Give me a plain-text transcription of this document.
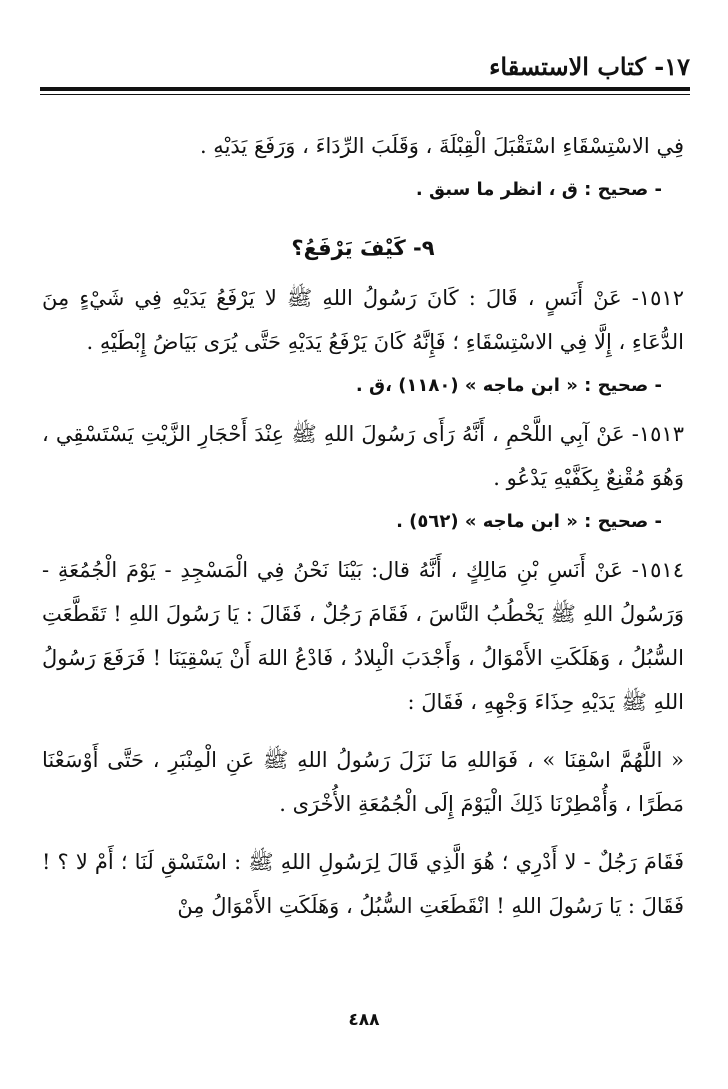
١٧- كتاب الاستسقاء

فِي الاسْتِسْقَاءِ اسْتَقْبَلَ الْقِبْلَةَ ، وَقَلَبَ الرِّدَاءَ ، وَرَفَعَ يَدَيْهِ .

- صحيح : ق ، انظر ما سبق .

٩- كَيْفَ يَرْفَعُ؟

١٥١٢- عَنْ أَنَسٍ ، قَالَ : كَانَ رَسُولُ اللهِ ﷺ لا يَرْفَعُ يَدَيْهِ فِي شَيْءٍ مِنَ الدُّعَاءِ ، إِلَّا فِي الاسْتِسْقَاءِ ؛ فَإِنَّهُ كَانَ يَرْفَعُ يَدَيْهِ حَتَّى يُرَى بَيَاضُ إِبْطَيْهِ .

- صحيح : « ابن ماجه » (١١٨٠) ،ق .

١٥١٣- عَنْ آبِي اللَّحْمِ ، أَنَّهُ رَأَى رَسُولَ اللهِ ﷺ عِنْدَ أَحْجَارِ الزَّيْتِ يَسْتَسْقِي ، وَهُوَ مُقْنِعٌ بِكَفَّيْهِ يَدْعُو .

- صحيح : « ابن ماجه » (٥٦٢) .

١٥١٤- عَنْ أَنَسِ بْنِ مَالِكٍ ، أَنَّهُ قال: بَيْنَا نَحْنُ فِي الْمَسْجِدِ - يَوْمَ الْجُمُعَةِ - وَرَسُولُ اللهِ ﷺ يَخْطُبُ النَّاسَ ، فَقَامَ رَجُلٌ ، فَقَالَ : يَا رَسُولَ اللهِ ! تَقَطَّعَتِ السُّبُلُ ، وَهَلَكَتِ الأَمْوَالُ ، وَأَجْدَبَ الْبِلادُ ، فَادْعُ اللهَ أَنْ يَسْقِيَنَا ! فَرَفَعَ رَسُولُ اللهِ ﷺ يَدَيْهِ حِذَاءَ وَجْهِهِ ، فَقَالَ :

« اللَّهُمَّ اسْقِنَا » ، فَوَاللهِ مَا نَزَلَ رَسُولُ اللهِ ﷺ عَنِ الْمِنْبَرِ ، حَتَّى أَوْسَعْنَا مَطَرًا ، وَأُمْطِرْنَا ذَلِكَ الْيَوْمَ إِلَى الْجُمُعَةِ الأُخْرَى .

فَقَامَ رَجُلٌ - لا أَدْرِي ؛ هُوَ الَّذِي قَالَ لِرَسُولِ اللهِ ﷺ : اسْتَسْقِ لَنَا ؛ أَمْ لا ؟ ! فَقَالَ : يَا رَسُولَ اللهِ ! انْقَطَعَتِ السُّبُلُ ، وَهَلَكَتِ الأَمْوَالُ مِنْ

٤٨٨
